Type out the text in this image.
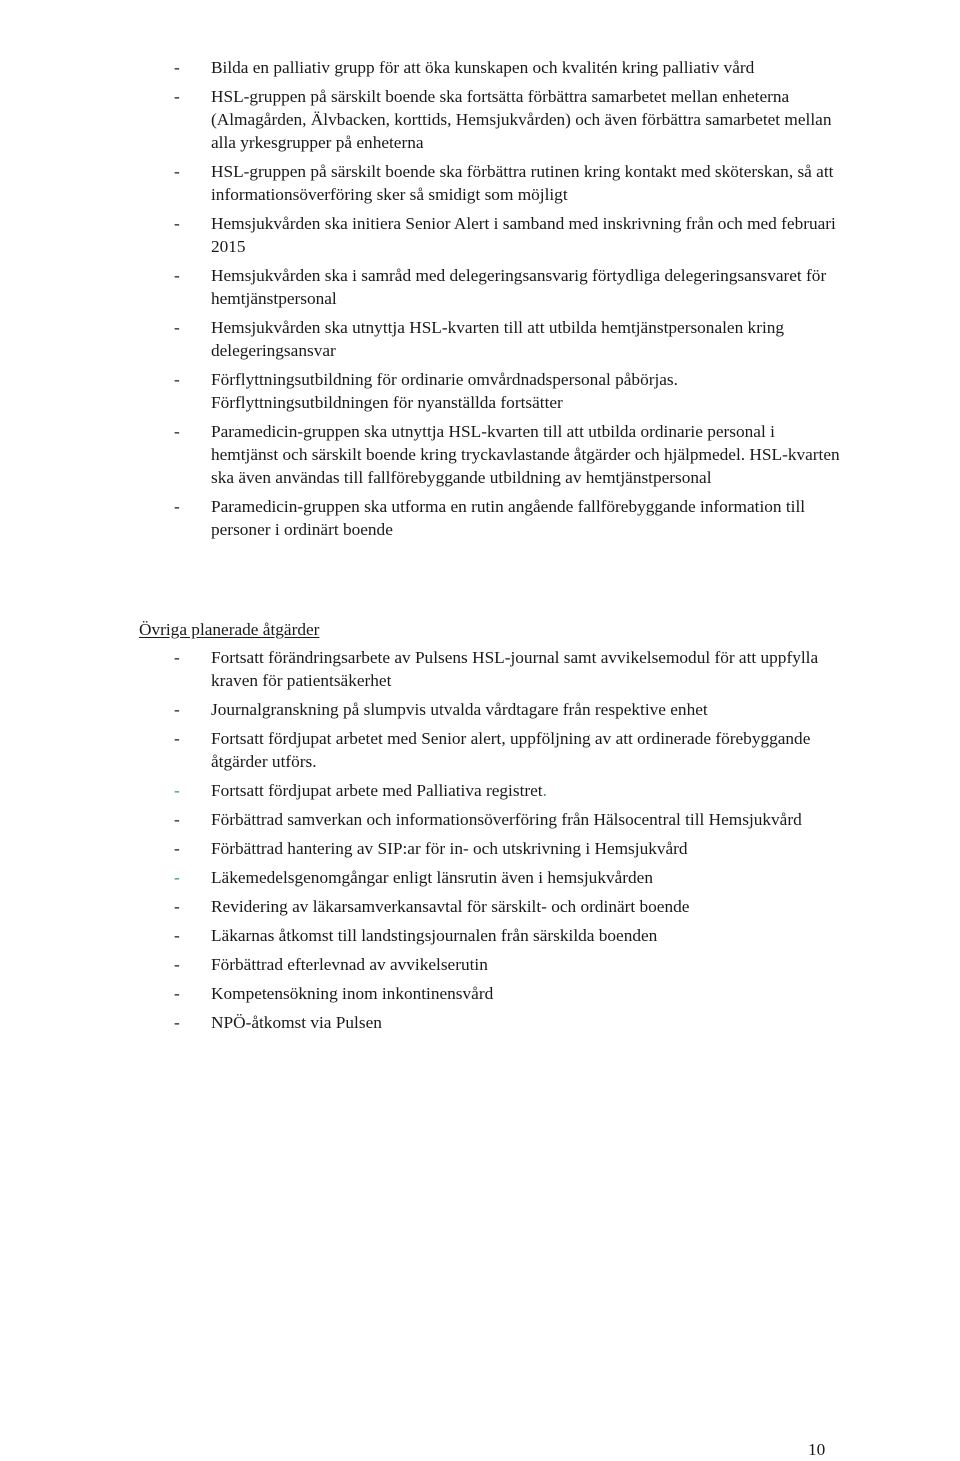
- Bilda en palliativ grupp för att öka kunskapen och kvalitén kring palliativ vård
- HSL-gruppen på särskilt boende ska fortsätta förbättra samarbetet mellan enheterna (Almagården, Älvbacken, korttids, Hemsjukvården) och även förbättra samarbetet mellan alla yrkesgrupper på enheterna
- HSL-gruppen på särskilt boende ska förbättra rutinen kring kontakt med sköterskan, så att informationsöverföring sker så smidigt som möjligt
- Hemsjukvården ska initiera Senior Alert i samband med inskrivning från och med februari 2015
- Hemsjukvården ska i samråd med delegeringsansvarig förtydliga delegeringsansvaret för hemtjänstpersonal
- Hemsjukvården ska utnyttja HSL-kvarten till att utbilda hemtjänstpersonalen kring delegeringsansvar
- Förflyttningsutbildning för ordinarie omvårdnadspersonal påbörjas. Förflyttningsutbildningen för nyanställda fortsätter
- Paramedicin-gruppen ska utnyttja HSL-kvarten till att utbilda ordinarie personal i hemtjänst och särskilt boende kring tryckavlastande åtgärder och hjälpmedel. HSL-kvarten ska även användas till fallförebyggande utbildning av hemtjänstpersonal
- Paramedicin-gruppen ska utforma en rutin angående fallförebyggande information till personer i ordinärt boende
Övriga planerade åtgärder
- Fortsatt förändringsarbete av Pulsens HSL-journal samt avvikelsemodul för att uppfylla kraven för patientsäkerhet
- Journalgranskning på slumpvis utvalda vårdtagare från respektive enhet
- Fortsatt fördjupat arbetet med Senior alert, uppföljning av att ordinerade förebyggande åtgärder utförs.
- Fortsatt fördjupat arbete med Palliativa registret.
- Förbättrad samverkan och informationsöverföring från Hälsocentral till Hemsjukvård
- Förbättrad hantering av SIP:ar för in- och utskrivning i Hemsjukvård
- Läkemedelsgenomgångar enligt länsrutin även i hemsjukvården
- Revidering av läkarsamverkansavtal för särskilt- och ordinärt boende
- Läkarnas åtkomst till landstingsjournalen från särskilda boenden
- Förbättrad efterlevnad av avvikelserutin
- Kompetensökning inom inkontinensvård
- NPÖ-åtkomst via Pulsen
10
